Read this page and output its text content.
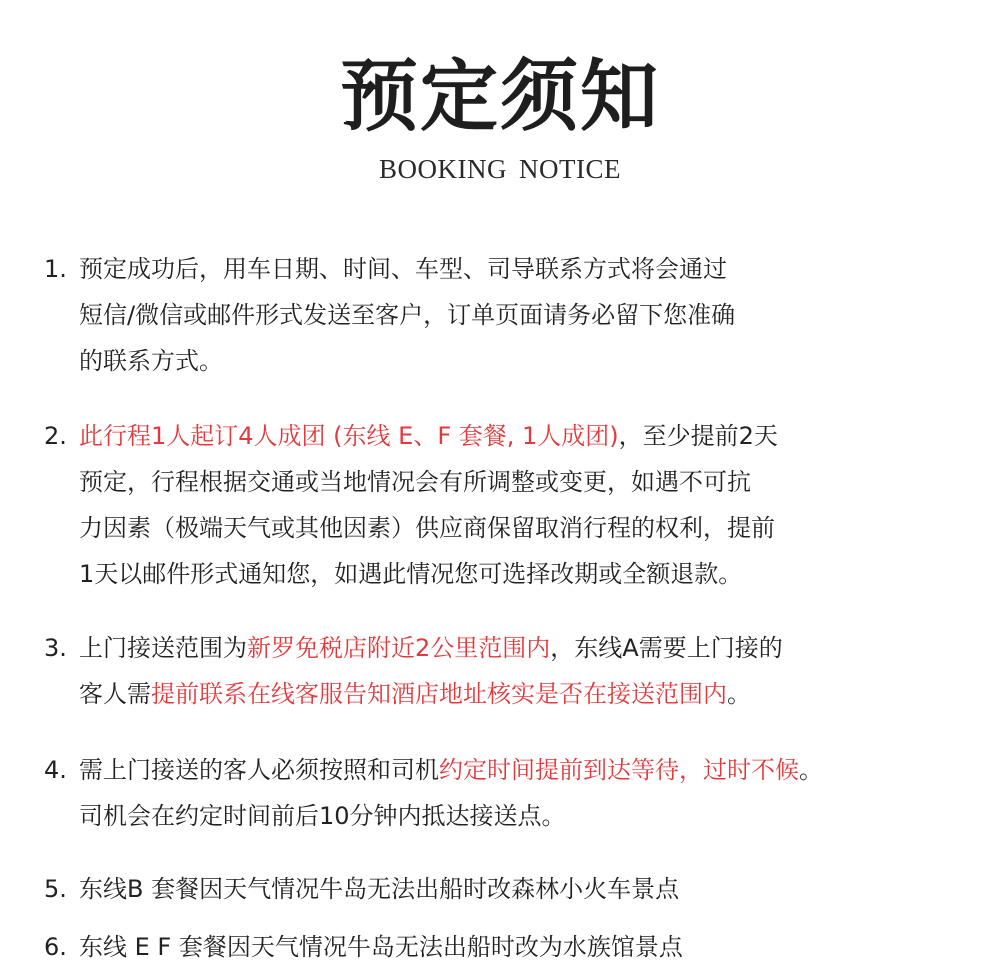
预定须知
BOOKING NOTICE
1. 预定成功后，用车日期、时间、车型、司导联系方式将会通过
短信/微信或邮件形式发送至客户，订单页面请务必留下您准确
的联系方式。
2. 此行程1人起订4人成团 (东线 E、F 套餐, 1人成团)，至少提前2天
预定，行程根据交通或当地情况会有所调整或变更，如遇不可抗
力因素（极端天气或其他因素）供应商保留取消行程的权利，提前
1天以邮件形式通知您，如遇此情况您可选择改期或全额退款。
3. 上门接送范围为新罗免税店附近2公里范围内，东线A需要上门接的
客人需提前联系在线客服告知酒店地址核实是否在接送范围内。
4. 需上门接送的客人必须按照和司机约定时间提前到达等待，过时不候。
司机会在约定时间前后10分钟内抵达接送点。
5. 东线B 套餐因天气情况牛岛无法出船时改森林小火车景点
6. 东线 E F 套餐因天气情况牛岛无法出船时改为水族馆景点
